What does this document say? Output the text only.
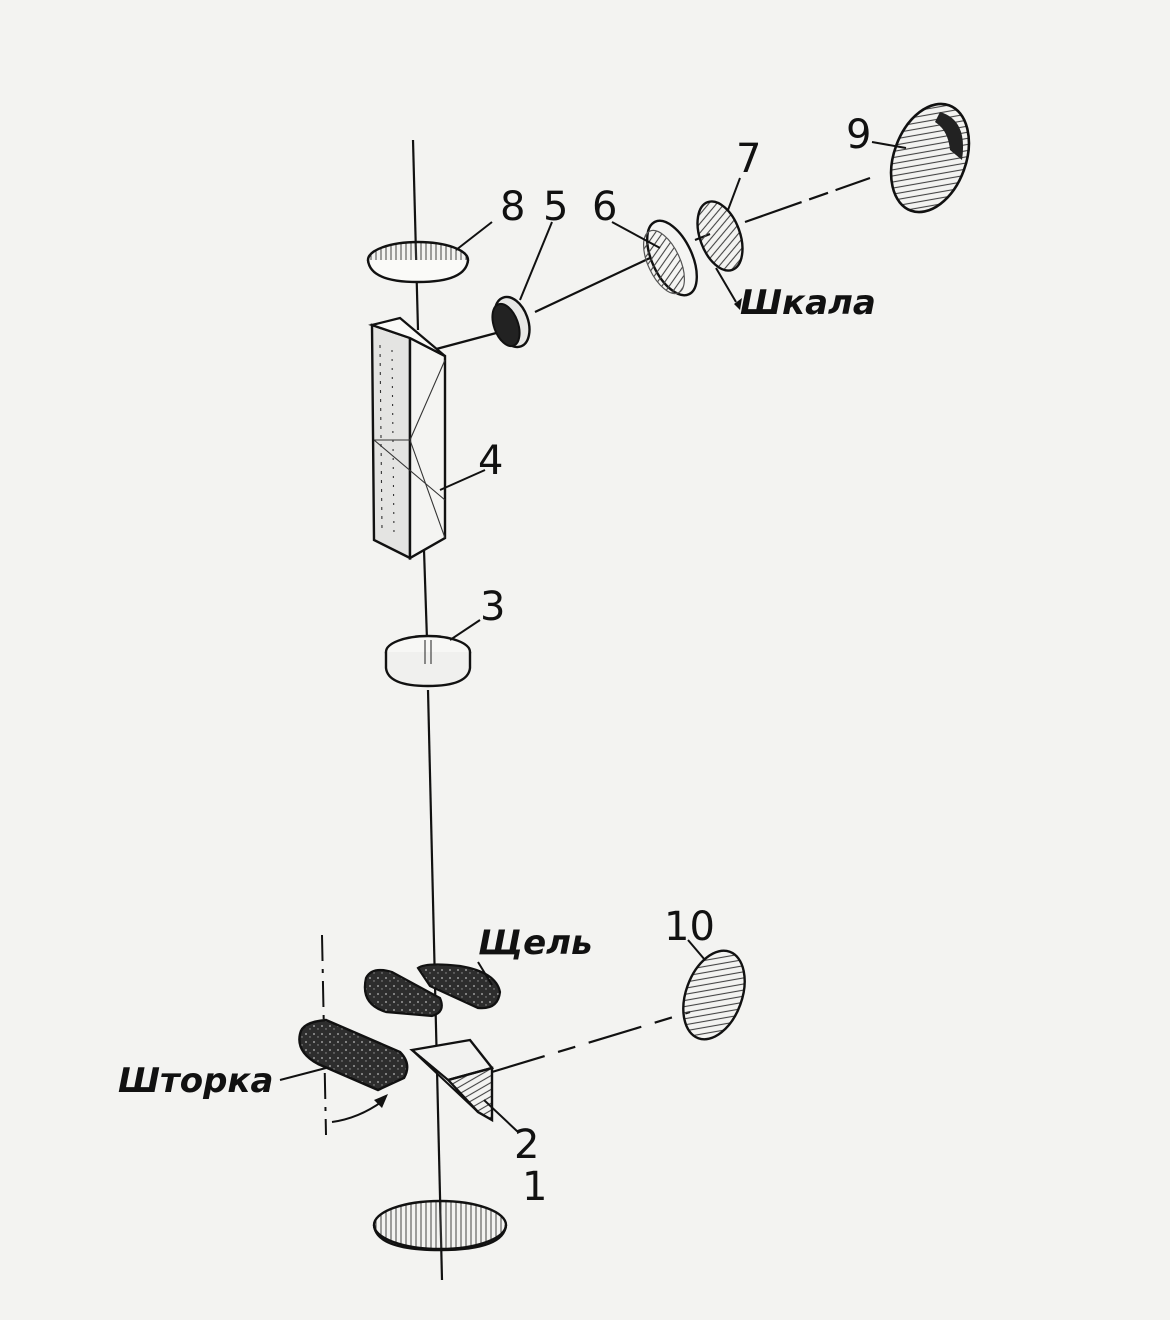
8 5 6
7
9
4
3
10
2
1
Шкала
Щель
Шторка
